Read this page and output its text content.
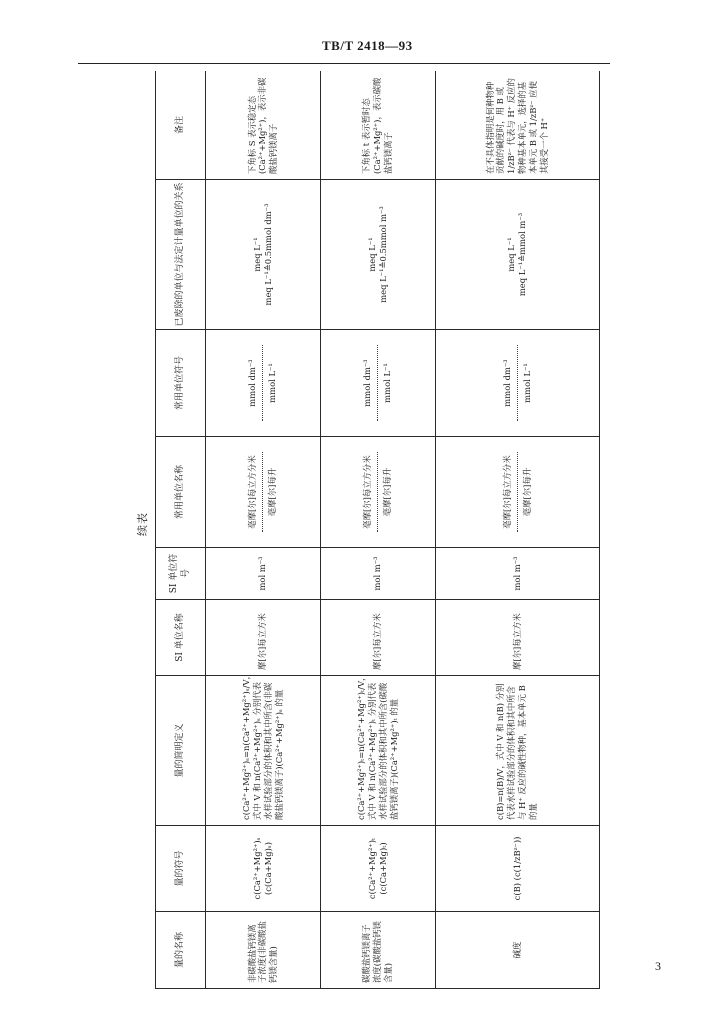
TB/T 2418—93
续表
量的名称	量的符号	量的简明定义	SI 单位名称	SI 单位符号	常用单位名称	常用单位符号	已废除的单位与法定计量单位的关系	备注
非碳酸盐钙镁离子浓度(非碳酸盐钙镁含量)	c(Ca²⁺+Mg²⁺)ₛ (c(Ca+Mg)ₛ)	c(Ca²⁺+Mg²⁺)ₛ=n(Ca²⁺+Mg²⁺)ₛ/V，式中 V 和 n(Ca²⁺+Mg²⁺)ₛ 分别代表水样试验部分的体积和其中所含(非碳酸盐钙镁离子)(Ca²⁺+Mg²⁺)ₛ 的量	摩[尔]每立方米	mol m⁻³	毫摩[尔]每立方分米 毫摩[尔]每升	mmol dm⁻³ mmol L⁻¹	meq L⁻¹ meq L⁻¹≙0.5mmol dm⁻³	下角标 S 表示稳定态(Ca²⁺+Mg²⁺)，表示非碳酸盐钙镁离子
碳酸盐钙镁离子浓度(碳酸盐钙镁含量)	c(Ca²⁺+Mg²⁺)ₜ (c(Ca+Mg)ₜ)	c(Ca²⁺+Mg²⁺)ₜ=n(Ca²⁺+Mg²⁺)ₜ/V，式中 V 和 n(Ca²⁺+Mg²⁺)ₜ 分别代表水样试验部分的体积和其中所含(碳酸盐钙镁离子)(Ca²⁺+Mg²⁺)ₜ 的量	摩[尔]每立方米	mol m⁻³	毫摩[尔]每立方分米 毫摩[尔]每升	mmol dm⁻³ mmol L⁻¹	meq L⁻¹ meq L⁻¹≙0.5mmol m⁻³	下角标 t 表示暂时态(Ca²⁺+Mg²⁺)，表示碳酸盐钙镁离子
碱度	c(B) (c(1/zBᶻ⁻))	c(B)=n(B)/V，式中 V 和 n(B) 分别代表水样试验部分的体积和其中所含与 H⁺ 反应的碱性物种，基本单元 B 的量	摩[尔]每立方米	mol m⁻³	毫摩[尔]每立方分米 毫摩[尔]每升	mmol dm⁻³ mmol L⁻¹	meq L⁻¹ meq L⁻¹≙mmol m⁻³	在不具体指明是何种物种贡献的碱度时，用 B 或 1/zBᶻ⁻ 代表与 H⁺ 反应的物种基本单元，选择的基本单元 B 或 1/zBᶻ⁻ 应使其接受一个 H⁺
3
